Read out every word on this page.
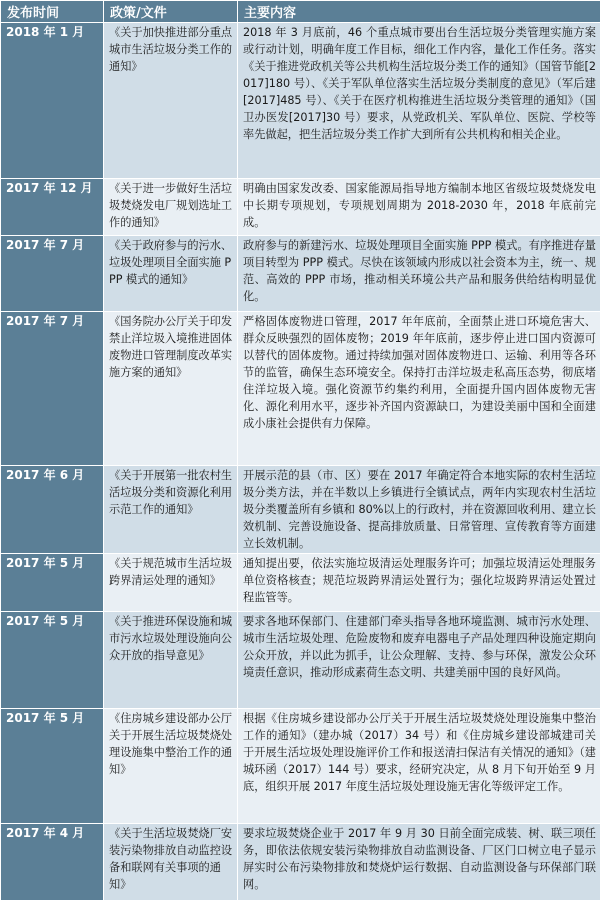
发布时间	政策/文件	主要内容
2018 年 1 月	《关于加快推进部分重点城市生活垃圾分类工作的通知》	2018 年 3 月底前，46 个重点城市要出台生活垃圾分类管理实施方案或行动计划，明确年度工作目标，细化工作内容，量化工作任务。落实《关于推进党政机关等公共机构生活垃圾分类工作的通知》（国管节能[2017]180 号）、《关于军队单位落实生活垃圾分类制度的意见》（军后建[2017]485 号）、《关于在医疗机构推进生活垃圾分类管理的通知》（国卫办医发[2017]30 号）要求，从党政机关、军队单位、医院、学校等率先做起，把生活垃圾分类工作扩大到所有公共机构和相关企业。
2017 年 12 月	《关于进一步做好生活垃圾焚烧发电厂规划选址工作的通知》	明确由国家发改委、国家能源局指导地方编制本地区省级垃圾焚烧发电中长期专项规划，专项规划周期为 2018-2030 年，2018 年底前完成。
2017 年 7 月	《关于政府参与的污水、垃圾处理项目全面实施 PPP 模式的通知》	政府参与的新建污水、垃圾处理项目全面实施 PPP 模式。有序推进存量项目转型为 PPP 模式。尽快在该领域内形成以社会资本为主，统一、规范、高效的 PPP 市场，推动相关环境公共产品和服务供给结构明显优化。
2017 年 7 月	《国务院办公厅关于印发禁止洋垃圾入境推进固体废物进口管理制度改革实施方案的通知》	严格固体废物进口管理，2017 年年底前，全面禁止进口环境危害大、群众反映强烈的固体废物；2019 年年底前，逐步停止进口国内资源可以替代的固体废物。通过持续加强对固体废物进口、运输、利用等各环节的监管，确保生态环境安全。保持打击洋垃圾走私高压态势，彻底堵住洋垃圾入境。强化资源节约集约利用，全面提升国内固体废物无害化、源化利用水平，逐步补齐国内资源缺口，为建设美丽中国和全面建成小康社会提供有力保障。
2017 年 6 月	《关于开展第一批农村生活垃圾分类和资源化利用示范工作的通知》	开展示范的县（市、区）要在 2017 年确定符合本地实际的农村生活垃圾分类方法，并在半数以上乡镇进行全镇试点，两年内实现农村生活垃圾分类覆盖所有乡镇和 80%以上的行政村，并在资源回收利用、建立长效机制、完善设施设备、提高排放质量、日常管理、宣传教育等方面建立长效机制。
2017 年 5 月	《关于规范城市生活垃圾跨界清运处理的通知》	通知提出要，依法实施垃圾清运处理服务许可；加强垃圾清运处理服务单位资格核查；规范垃圾跨界清运处置行为；强化垃圾跨界清运处置过程监管等。
2017 年 5 月	《关于推进环保设施和城市污水垃圾处理设施向公众开放的指导意见》	要求各地环保部门、住建部门牵头指导各地环境监测、城市污水处理、城市生活垃圾处理、危险废物和废弃电器电子产品处理四种设施定期向公众开放，并以此为抓手，让公众理解、支持、参与环保，激发公众环境责任意识，推动形成素荷生态文明、共建美丽中国的良好风尚。
2017 年 5 月	《住房城乡建设部办公厅关于开展生活垃圾焚烧处理设施集中整治工作的通知》	根据《住房城乡建设部办公厅关于开展生活垃圾焚烧处理设施集中整治工作的通知》（建办城（2017）34 号）和《住房城乡建设部城建司关于开展生活垃圾处理设施评价工作和报送清扫保洁有关情况的通知》（建城环函（2017）144 号）要求，经研究决定，从 8 月下旬开始至 9 月底，组织开展 2017 年度生活垃圾处理设施无害化等级评定工作。
2017 年 4 月	《关于生活垃圾焚烧厂安装污染物排放自动监控设备和联网有关事项的通知》	要求垃圾焚烧企业于 2017 年 9 月 30 日前全面完成装、树、联三项任务，即依法依规安装污染物排放自动监测设备、厂区门口树立电子显示屏实时公布污染物排放和焚烧炉运行数据、自动监测设备与环保部门联网。
